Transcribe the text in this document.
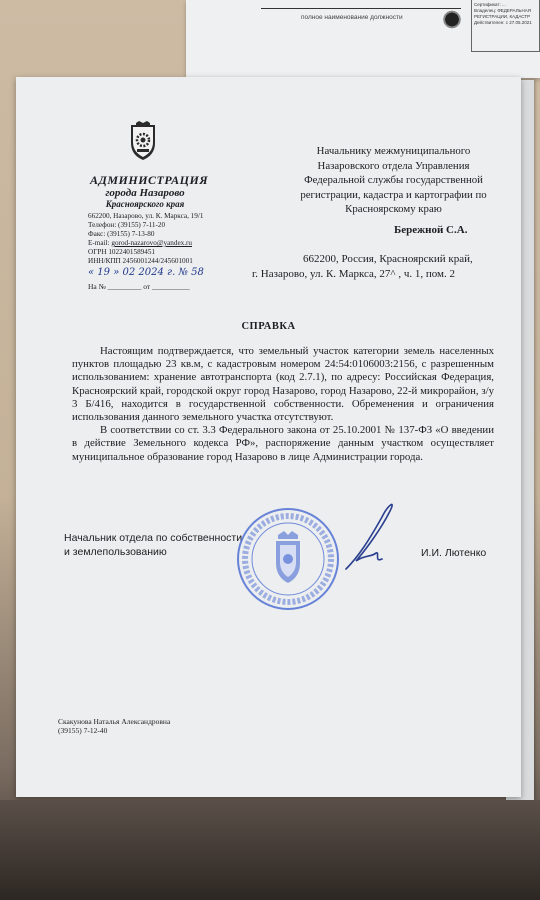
полное наименование должности
Сертификат: ...
Владелец: ФЕДЕРАЛЬНАЯ
РЕГИСТРАЦИИ, КАДАСТР
Действителен: с 27.05.2021
АДМИНИСТРАЦИЯ
города Назарово
Красноярского края
662200, Назарово, ул. К. Маркса, 19/1
Телефон: (39155) 7-11-20
Факс: (39155) 7-13-80
E-mail: gorod-nazarovo@yandex.ru
ОГРН 1022401589451
ИНН/КПП 2456001244/245601001
« 19 » 02 2024 г. № 58
На № _________ от __________
Начальнику межмуниципального
Назаровского отдела Управления
Федеральной службы государственной
регистрации, кадастра и картографии по
Красноярскому краю
Бережной С.А.
662200, Россия, Красноярский край,
г. Назарово, ул. К. Маркса, 27^ , ч. 1, пом. 2
СПРАВКА

Настоящим подтверждается, что земельный участок категории земель населенных пунктов площадью 23 кв.м, с кадастровым номером 24:54:0106003:2156, с разрешенным использованием: хранение автотранспорта (код 2.7.1), по адресу: Российская Федерация, Красноярский край, городской округ город Назарово, город Назарово, 22-й микрорайон, з/у 3 Б/416, находится в государственной собственности. Обременения и ограничения использования данного земельного участка отсутствуют.

В соответствии со ст. 3.3 Федерального закона от 25.10.2001 № 137-ФЗ «О введении в действие Земельного кодекса РФ», распоряжение данным участком осуществляет муниципальное образование город Назарово в лице Администрации города.

Начальник отдела по собственности
и землепользованию	И.И. Лютенко
Скакунова Наталья Александровна
(39155) 7-12-40
